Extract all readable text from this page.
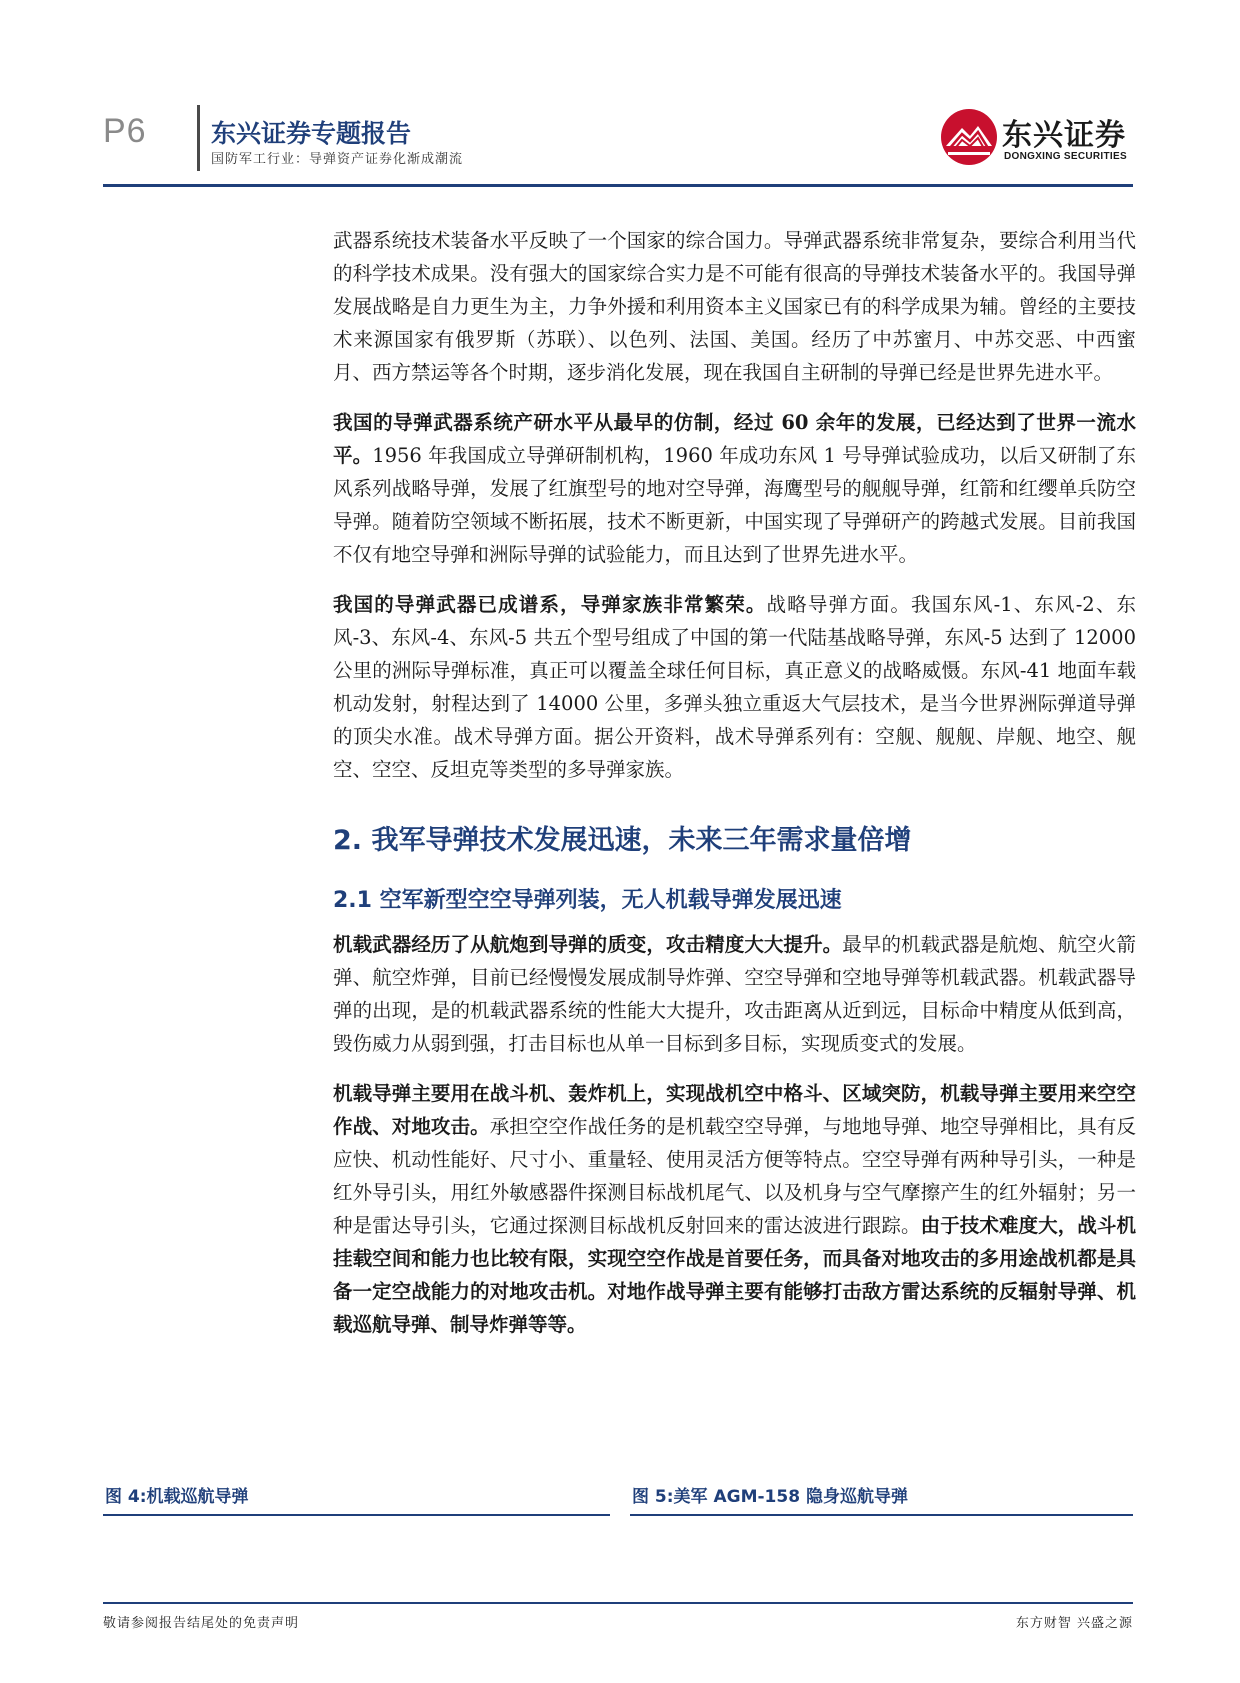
P6	东兴证券专题报告
国防军工行业：导弹资产证券化渐成潮流
东兴证券
DONGXING SECURITIES

武器系统技术装备水平反映了一个国家的综合国力。导弹武器系统非常复杂，要综合利用当代的科学技术成果。没有强大的国家综合实力是不可能有很高的导弹技术装备水平的。我国导弹发展战略是自力更生为主，力争外援和利用资本主义国家已有的科学成果为辅。曾经的主要技术来源国家有俄罗斯（苏联）、以色列、法国、美国。经历了中苏蜜月、中苏交恶、中西蜜月、西方禁运等各个时期，逐步消化发展，现在我国自主研制的导弹已经是世界先进水平。

我国的导弹武器系统产研水平从最早的仿制，经过 60 余年的发展，已经达到了世界一流水平。1956 年我国成立导弹研制机构，1960 年成功东风 1 号导弹试验成功，以后又研制了东风系列战略导弹，发展了红旗型号的地对空导弹，海鹰型号的舰舰导弹，红箭和红缨单兵防空导弹。随着防空领域不断拓展，技术不断更新，中国实现了导弹研产的跨越式发展。目前我国不仅有地空导弹和洲际导弹的试验能力，而且达到了世界先进水平。

我国的导弹武器已成谱系，导弹家族非常繁荣。战略导弹方面。我国东风-1、东风-2、东风-3、东风-4、东风-5 共五个型号组成了中国的第一代陆基战略导弹，东风-5 达到了 12000 公里的洲际导弹标准，真正可以覆盖全球任何目标，真正意义的战略威慑。东风-41 地面车载机动发射，射程达到了 14000 公里，多弹头独立重返大气层技术，是当今世界洲际弹道导弹的顶尖水准。战术导弹方面。据公开资料，战术导弹系列有：空舰、舰舰、岸舰、地空、舰空、空空、反坦克等类型的多导弹家族。

2. 我军导弹技术发展迅速，未来三年需求量倍增
2.1 空军新型空空导弹列装，无人机载导弹发展迅速

机载武器经历了从航炮到导弹的质变，攻击精度大大提升。最早的机载武器是航炮、航空火箭弹、航空炸弹，目前已经慢慢发展成制导炸弹、空空导弹和空地导弹等机载武器。机载武器导弹的出现，是的机载武器系统的性能大大提升，攻击距离从近到远，目标命中精度从低到高，毁伤威力从弱到强，打击目标也从单一目标到多目标，实现质变式的发展。

机载导弹主要用在战斗机、轰炸机上，实现战机空中格斗、区域突防，机载导弹主要用来空空作战、对地攻击。承担空空作战任务的是机载空空导弹，与地地导弹、地空导弹相比，具有反应快、机动性能好、尺寸小、重量轻、使用灵活方便等特点。空空导弹有两种导引头，一种是红外导引头，用红外敏感器件探测目标战机尾气、以及机身与空气摩擦产生的红外辐射；另一种是雷达导引头，它通过探测目标战机反射回来的雷达波进行跟踪。由于技术难度大，战斗机挂载空间和能力也比较有限，实现空空作战是首要任务，而具备对地攻击的多用途战机都是具备一定空战能力的对地攻击机。对地作战导弹主要有能够打击敌方雷达系统的反辐射导弹、机载巡航导弹、制导炸弹等等。

图 4:机载巡航导弹	图 5:美军 AGM-158 隐身巡航导弹
敬请参阅报告结尾处的免责声明	东方财智 兴盛之源
